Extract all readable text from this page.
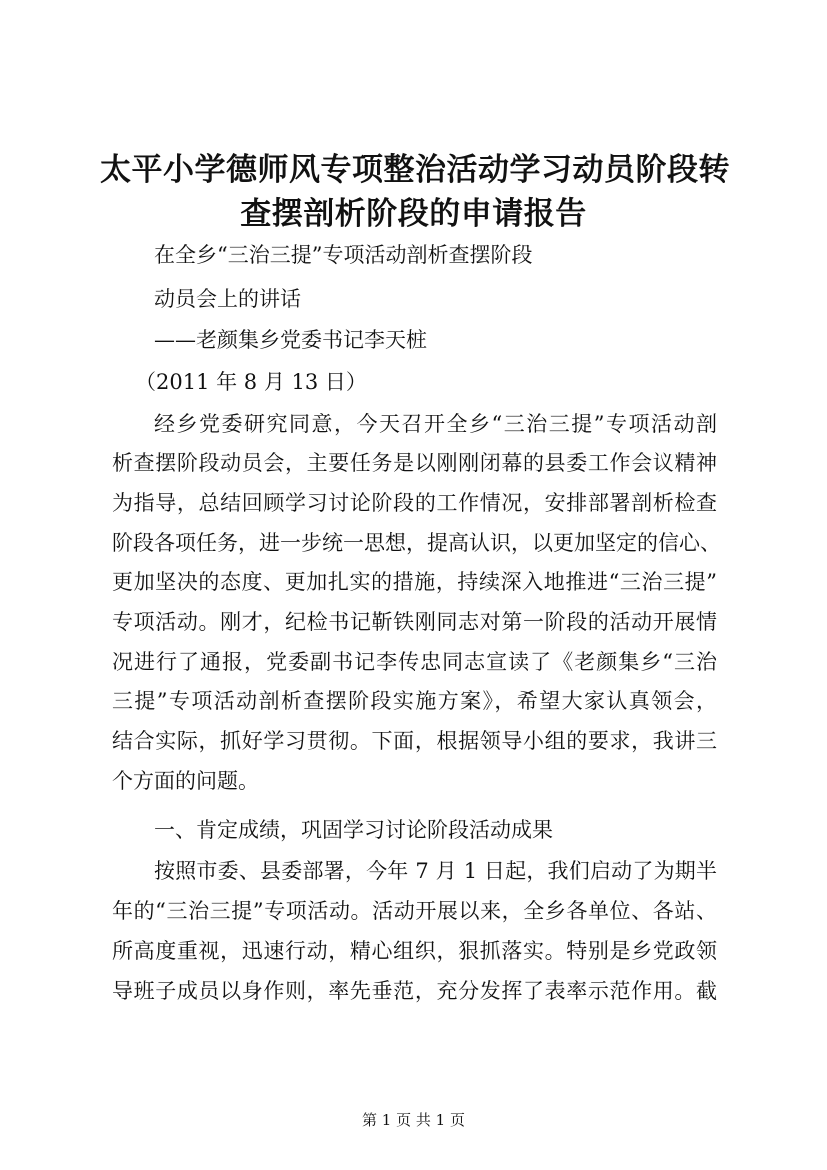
太平小学德师风专项整治活动学习动员阶段转
查摆剖析阶段的申请报告
在全乡“三治三提”专项活动剖析查摆阶段
动员会上的讲话
——老颜集乡党委书记李天桩
（2011 年 8 月 13 日）
经乡党委研究同意，今天召开全乡“三治三提”专项活动剖
析查摆阶段动员会，主要任务是以刚刚闭幕的县委工作会议精神
为指导，总结回顾学习讨论阶段的工作情况，安排部署剖析检查
阶段各项任务，进一步统一思想，提高认识，以更加坚定的信心、
更加坚决的态度、更加扎实的措施，持续深入地推进“三治三提”
专项活动。刚才，纪检书记靳铁刚同志对第一阶段的活动开展情
况进行了通报，党委副书记李传忠同志宣读了《老颜集乡“三治
三提”专项活动剖析查摆阶段实施方案》，希望大家认真领会，
结合实际，抓好学习贯彻。下面，根据领导小组的要求，我讲三
个方面的问题。
一、肯定成绩，巩固学习讨论阶段活动成果
按照市委、县委部署，今年 7 月 1 日起，我们启动了为期半
年的“三治三提”专项活动。活动开展以来，全乡各单位、各站、
所高度重视，迅速行动，精心组织，狠抓落实。特别是乡党政领
导班子成员以身作则，率先垂范，充分发挥了表率示范作用。截
第 1 页 共 1 页
